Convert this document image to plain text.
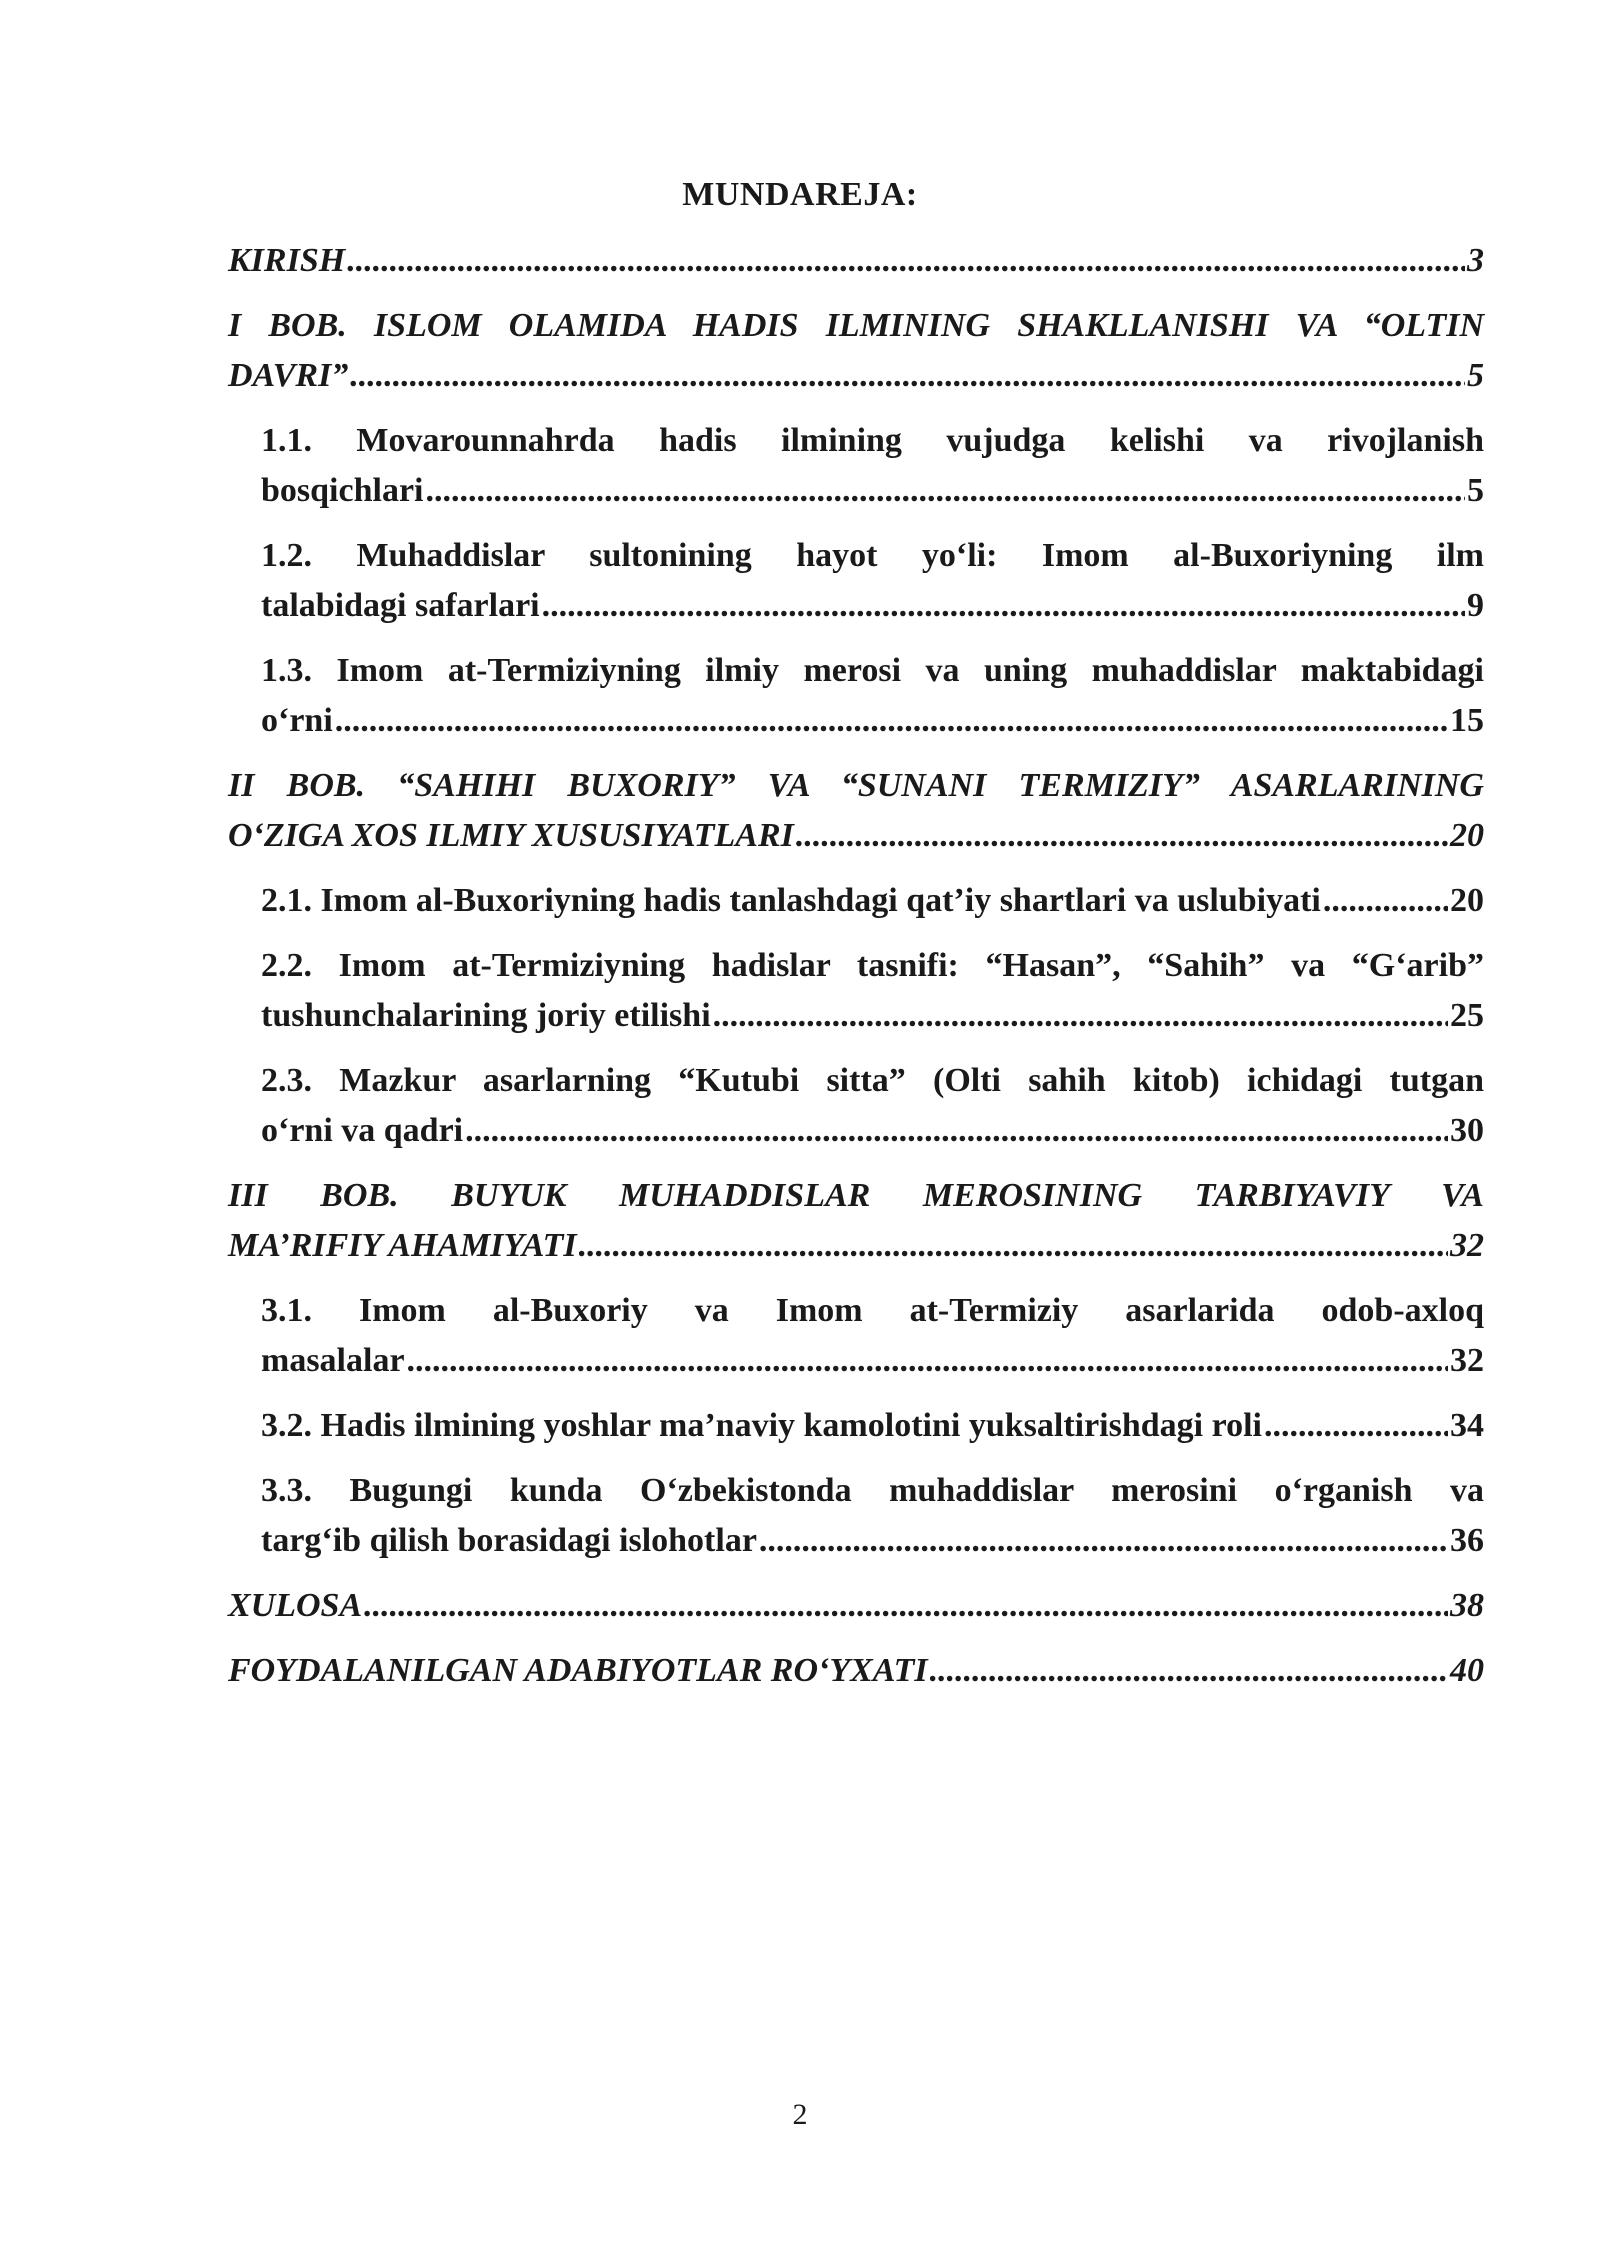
MUNDAREJA:
KIRISH .....	3
I BOB. ISLOM OLAMIDA HADIS ILMINING SHAKLLANISHI VA “OLTIN
DAVRI” .....	5
1.1. Movarounnahrda hadis ilmining vujudga kelishi va rivojlanish
bosqichlari .....	5
1.2. Muhaddislar sultonining hayot yo‘li: Imom al-Buxoriyning ilm
talabidagi safarlari .....	9
1.3. Imom at-Termiziyning ilmiy merosi va uning muhaddislar maktabidagi
o‘rni .....	15
II BOB. “SAHIHI BUXORIY” VA “SUNANI TERMIZIY” ASARLARINING
O‘ZIGA XOS ILMIY XUSUSIYATLARI .....	20
2.1. Imom al-Buxoriyning hadis tanlashdagi qat’iy shartlari va uslubiyati .....	20
2.2. Imom at-Termiziyning hadislar tasnifi: “Hasan”, “Sahih” va “G‘arib”
tushunchalarining joriy etilishi .....	25
2.3. Mazkur asarlarning “Kutubi sitta” (Olti sahih kitob) ichidagi tutgan
o‘rni va qadri .....	30
III BOB. BUYUK MUHADDISLAR MEROSINING TARBIYAVIY VA
MA’RIFIY AHAMIYATI .....	32
3.1. Imom al-Buxoriy va Imom at-Termiziy asarlarida odob-axloq
masalalar .....	32
3.2. Hadis ilmining yoshlar ma’naviy kamolotini yuksaltirishdagi roli .....	34
3.3. Bugungi kunda O‘zbekistonda muhaddislar merosini o‘rganish va
targ‘ib qilish borasidagi islohotlar .....	36
XULOSA .....	38
FOYDALANILGAN ADABIYOTLAR RO‘YXATI .....	40
2
